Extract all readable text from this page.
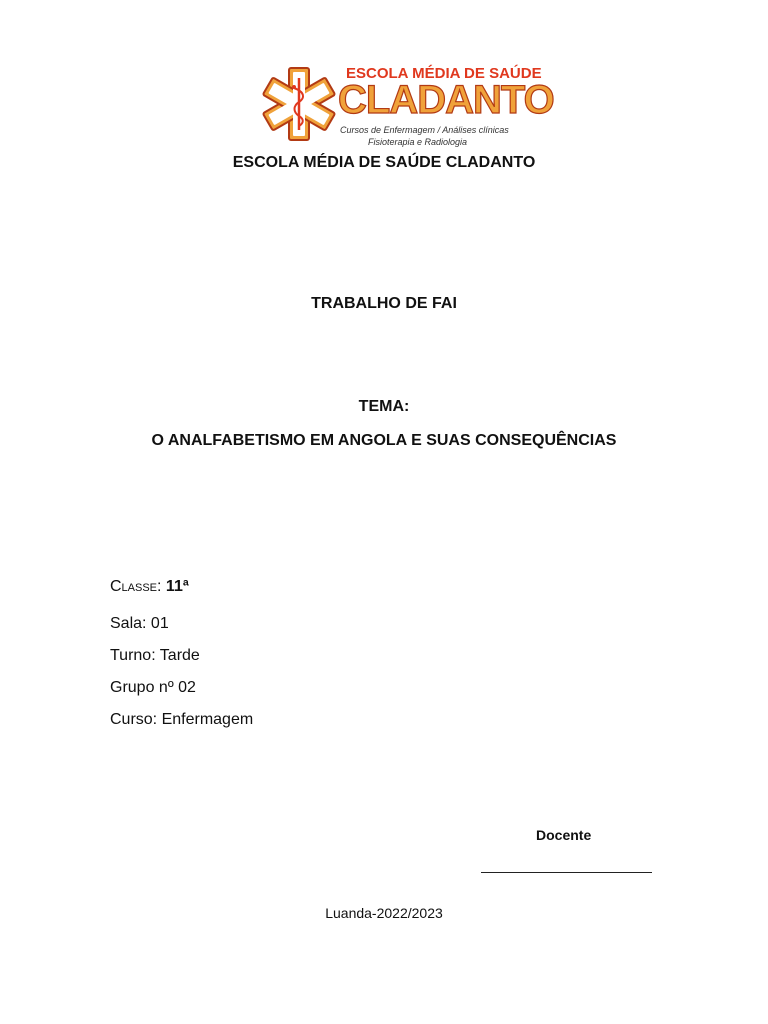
ESCOLA MÉDIA DE SAÚDE
CLADANTO
Cursos de Enfermagem / Análises clínicas
Fisioterapia e Radiologia
ESCOLA MÉDIA DE SAÚDE CLADANTO
TRABALHO DE FAI
TEMA:
O ANALFABETISMO EM ANGOLA E SUAS CONSEQUÊNCIAS
Classe: 11ª
Sala: 01
Turno: Tarde
Grupo nº 02
Curso: Enfermagem
Docente
Luanda-2022/2023
